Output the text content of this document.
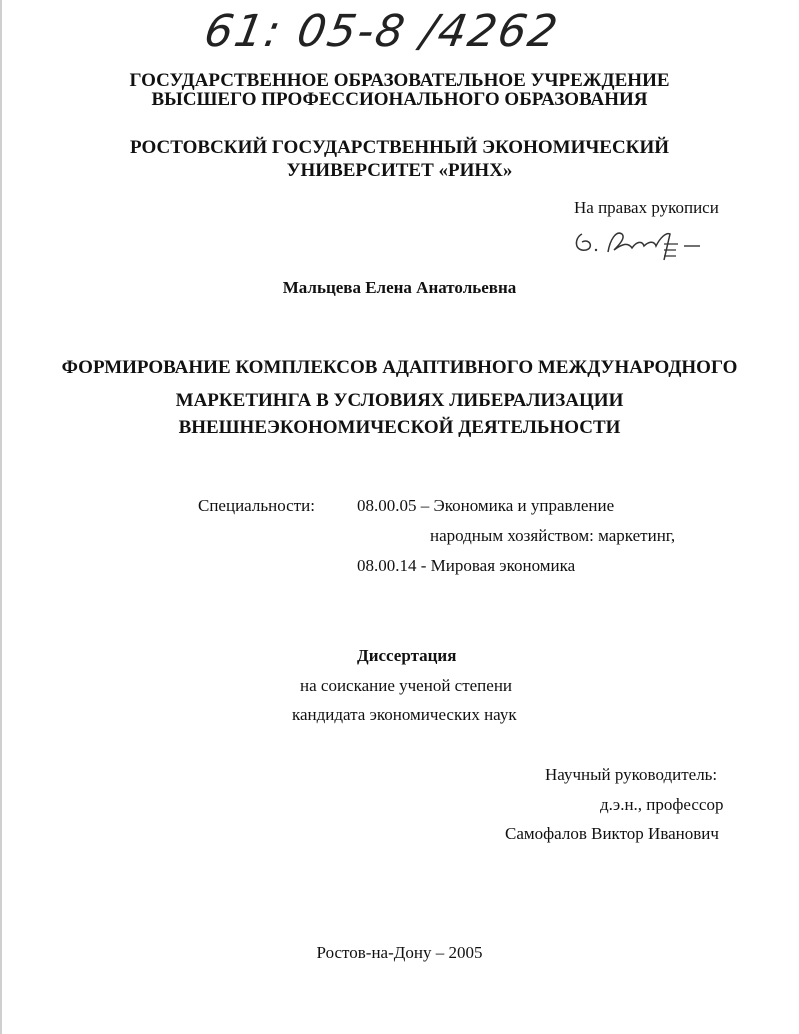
61: 05-8 /4262
ГОСУДАРСТВЕННОЕ ОБРАЗОВАТЕЛЬНОЕ УЧРЕЖДЕНИЕ
ВЫСШЕГО ПРОФЕССИОНАЛЬНОГО ОБРАЗОВАНИЯ
РОСТОВСКИЙ ГОСУДАРСТВЕННЫЙ ЭКОНОМИЧЕСКИЙ
УНИВЕРСИТЕТ «РИНХ»
На правах рукописи
Мальцева Елена Анатольевна
ФОРМИРОВАНИЕ КОМПЛЕКСОВ АДАПТИВНОГО МЕЖДУНАРОДНОГО
МАРКЕТИНГА В УСЛОВИЯХ ЛИБЕРАЛИЗАЦИИ
ВНЕШНЕЭКОНОМИЧЕСКОЙ ДЕЯТЕЛЬНОСТИ
Специальности: 08.00.05 – Экономика и управление
народным хозяйством: маркетинг,
08.00.14 - Мировая экономика
Диссертация
на соискание ученой степени
кандидата экономических наук
Научный руководитель:
д.э.н., профессор
Самофалов Виктор Иванович
Ростов-на-Дону – 2005
